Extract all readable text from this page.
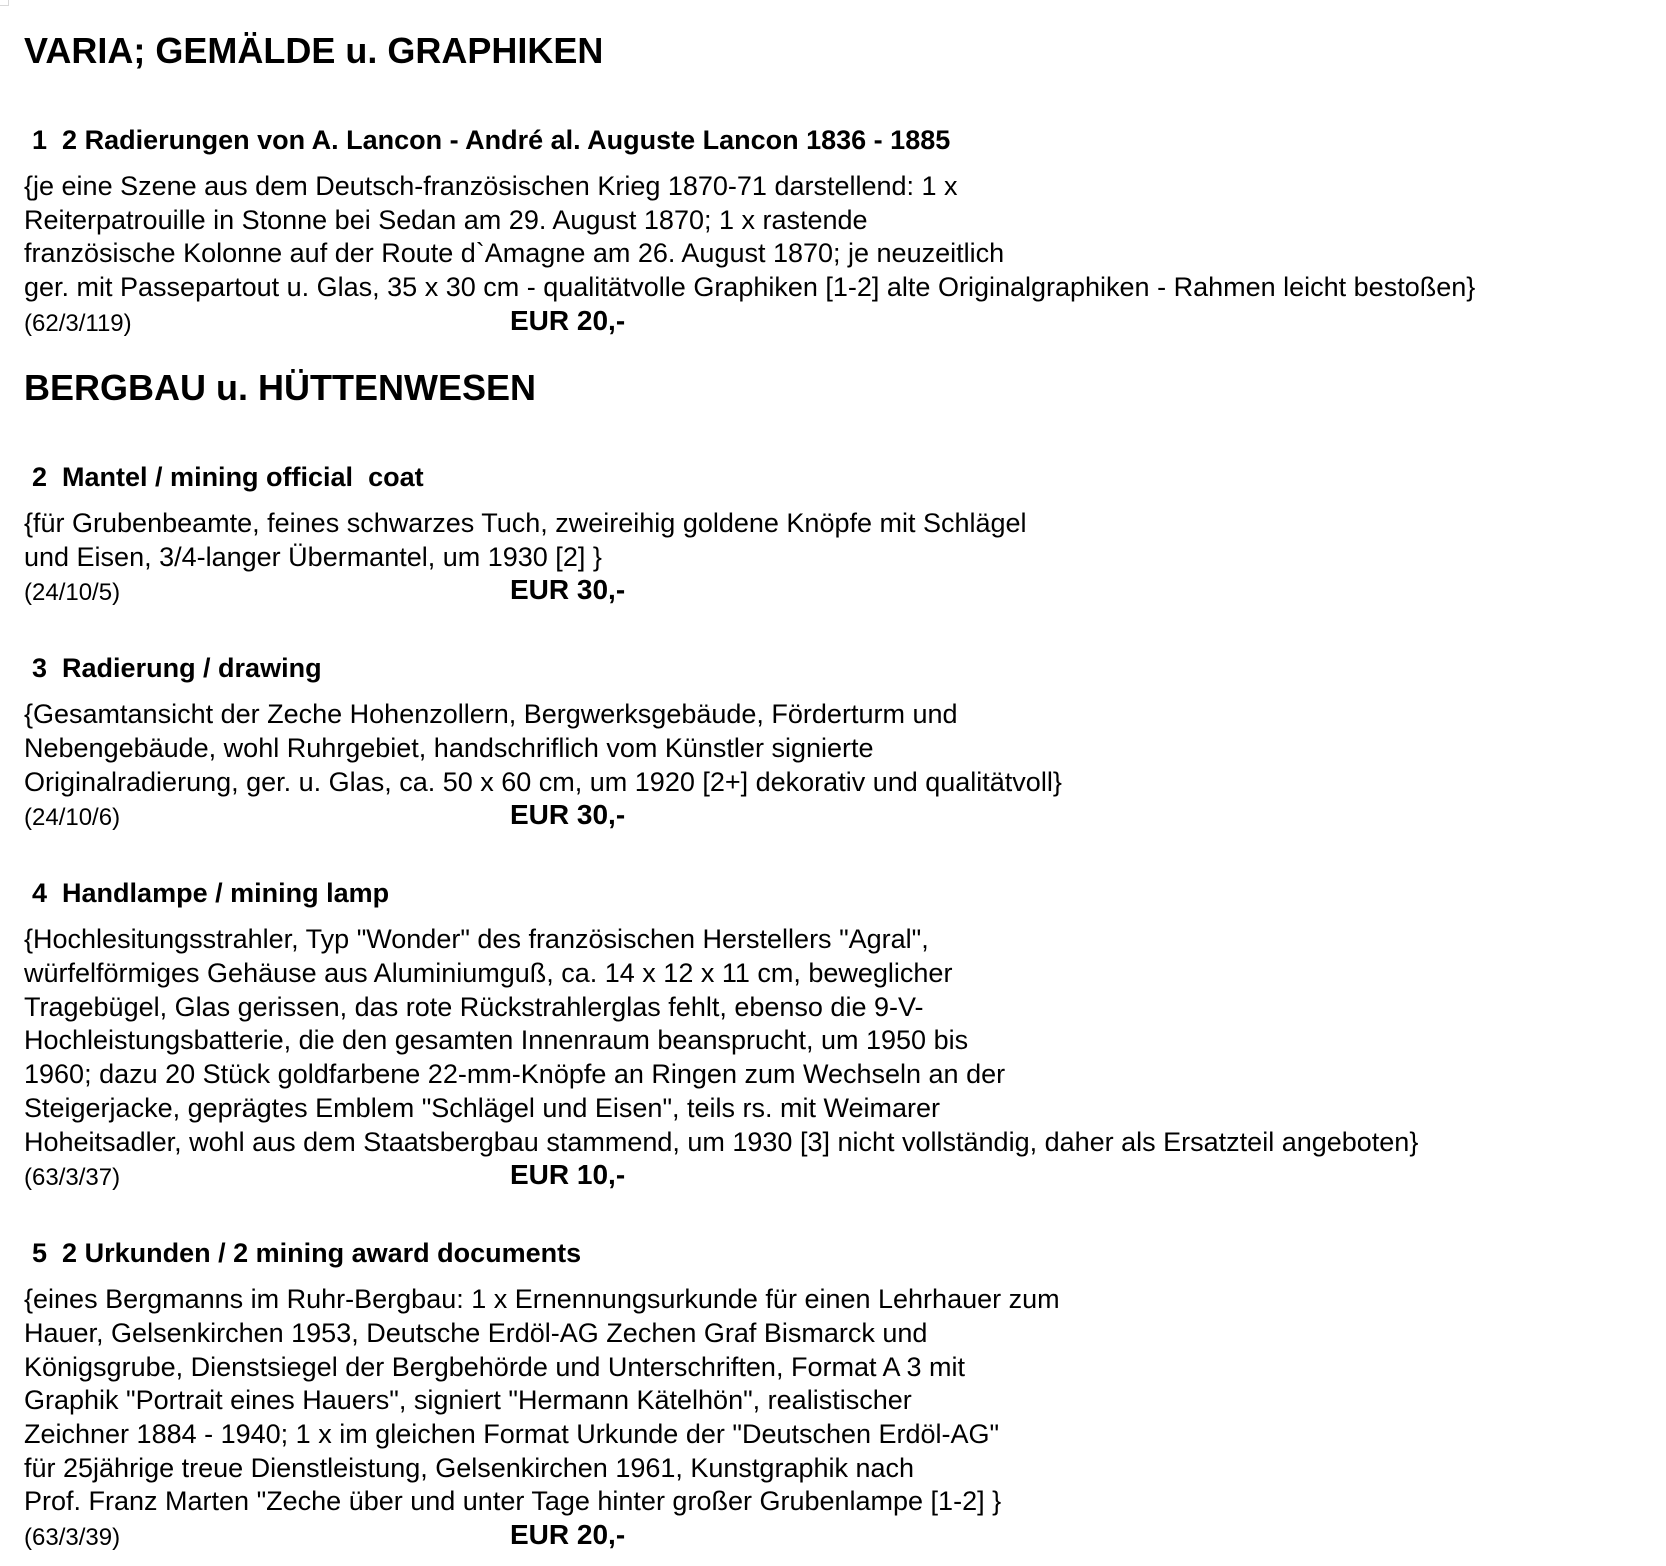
VARIA; GEMÄLDE u. GRAPHIKEN
1 2 Radierungen von A. Lancon - André al. Auguste Lancon 1836 - 1885
{je eine Szene aus dem Deutsch-französischen Krieg 1870-71 darstellend: 1 x
Reiterpatrouille in Stonne bei Sedan am 29. August 1870; 1 x rastende
französische Kolonne auf der Route d`Amagne am 26. August 1870; je neuzeitlich
ger. mit Passepartout u. Glas, 35 x 30 cm - qualitätvolle Graphiken [1-2] alte Originalgraphiken - Rahmen leicht bestoßen}
(62/3/119)	EUR 20,-
BERGBAU u. HÜTTENWESEN
2 Mantel / mining official  coat
{für Grubenbeamte, feines schwarzes Tuch, zweireihig goldene Knöpfe mit Schlägel
und Eisen, 3/4-langer Übermantel, um 1930 [2] }
(24/10/5)	EUR 30,-
3 Radierung / drawing
{Gesamtansicht der Zeche Hohenzollern, Bergwerksgebäude, Förderturm und
Nebengebäude, wohl Ruhrgebiet, handschriflich vom Künstler signierte
Originalradierung, ger. u. Glas, ca. 50 x 60 cm, um 1920 [2+] dekorativ und qualitätvoll}
(24/10/6)	EUR 30,-
4 Handlampe / mining lamp
{Hochlesitungsstrahler, Typ "Wonder" des französischen Herstellers "Agral",
würfelförmiges Gehäuse aus Aluminiumguß, ca. 14 x 12 x 11 cm, beweglicher
Tragebügel, Glas gerissen, das rote Rückstrahlerglas fehlt, ebenso die 9-V-
Hochleistungsbatterie, die den gesamten Innenraum beansprucht, um 1950 bis
1960; dazu 20 Stück goldfarbene 22-mm-Knöpfe an Ringen zum Wechseln an der
Steigerjacke, geprägtes Emblem "Schlägel und Eisen", teils rs. mit Weimarer
Hoheitsadler, wohl aus dem Staatsbergbau stammend, um 1930 [3] nicht vollständig, daher als Ersatzteil angeboten}
(63/3/37)	EUR 10,-
5 2 Urkunden / 2 mining award documents
{eines Bergmanns im Ruhr-Bergbau: 1 x Ernennungsurkunde für einen Lehrhauer zum
Hauer, Gelsenkirchen 1953, Deutsche Erdöl-AG Zechen Graf Bismarck und
Königsgrube, Dienstsiegel der Bergbehörde und Unterschriften, Format A 3 mit
Graphik "Portrait eines Hauers", signiert "Hermann Kätelhön", realistischer
Zeichner 1884 - 1940; 1 x im gleichen Format Urkunde der "Deutschen Erdöl-AG"
für 25jährige treue Dienstleistung, Gelsenkirchen 1961, Kunstgraphik nach
Prof. Franz Marten "Zeche über und unter Tage hinter großer Grubenlampe [1-2] }
(63/3/39)	EUR 20,-
